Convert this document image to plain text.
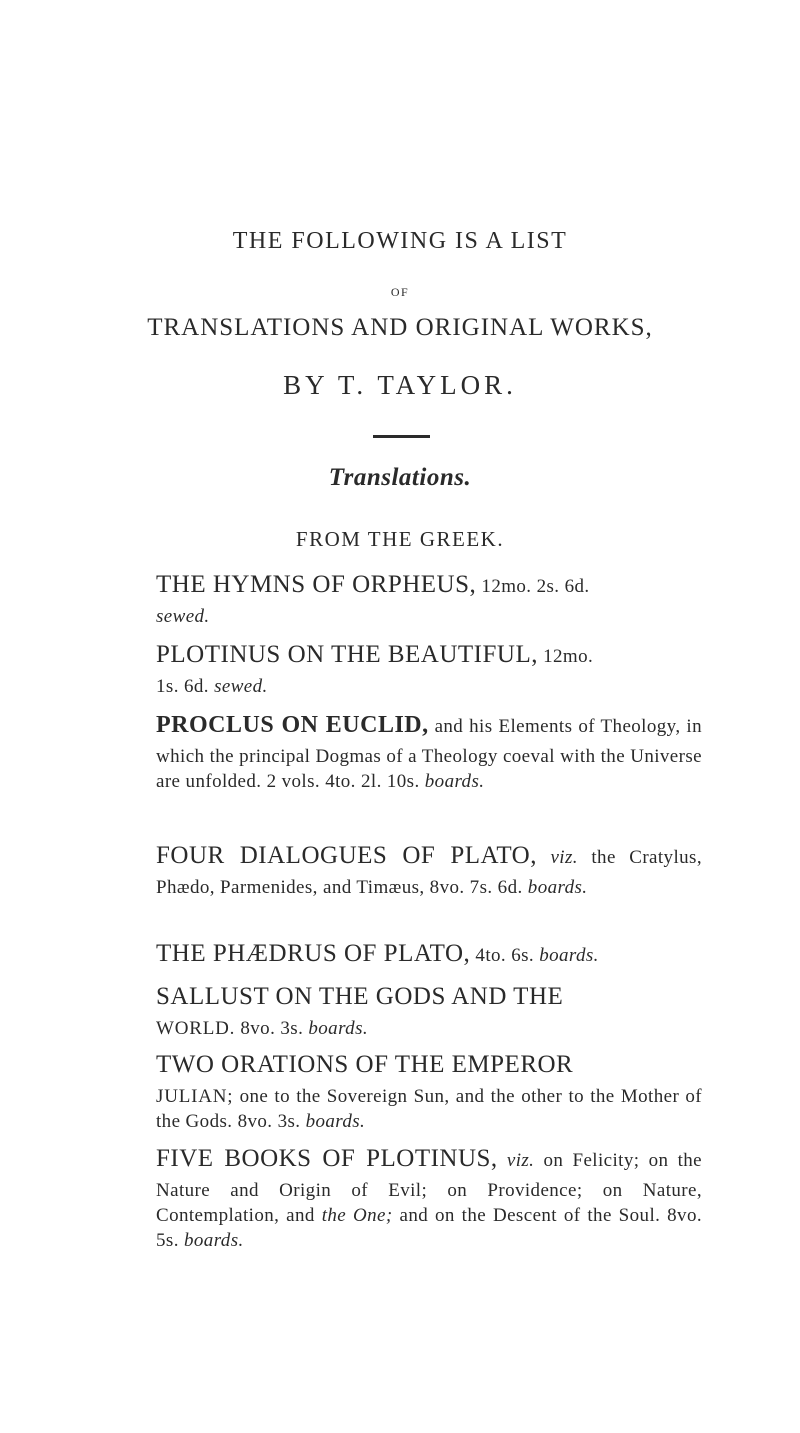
THE FOLLOWING IS A LIST
OF
TRANSLATIONS AND ORIGINAL WORKS,
BY T. TAYLOR.
Translations.
FROM THE GREEK.
THE HYMNS OF ORPHEUS, 12mo. 2s. 6d.
sewed.
PLOTINUS ON THE BEAUTIFUL, 12mo.
1s. 6d. sewed.
PROCLUS ON EUCLID, and his Elements of Theology, in which the principal Dogmas of a Theology coeval with the Universe are unfolded. 2 vols. 4to. 2l. 10s. boards.
FOUR DIALOGUES OF PLATO, viz. the Cratylus, Phædo, Parmenides, and Timæus, 8vo. 7s. 6d. boards.
THE PHÆDRUS OF PLATO, 4to. 6s. boards.
SALLUST ON THE GODS AND THE
WORLD. 8vo. 3s. boards.
TWO ORATIONS OF THE EMPEROR
JULIAN; one to the Sovereign Sun, and the other to the Mother of the Gods. 8vo. 3s. boards.
FIVE BOOKS OF PLOTINUS, viz. on Felicity; on the Nature and Origin of Evil; on Providence; on Nature, Contemplation, and the One; and on the Descent of the Soul. 8vo. 5s. boards.
